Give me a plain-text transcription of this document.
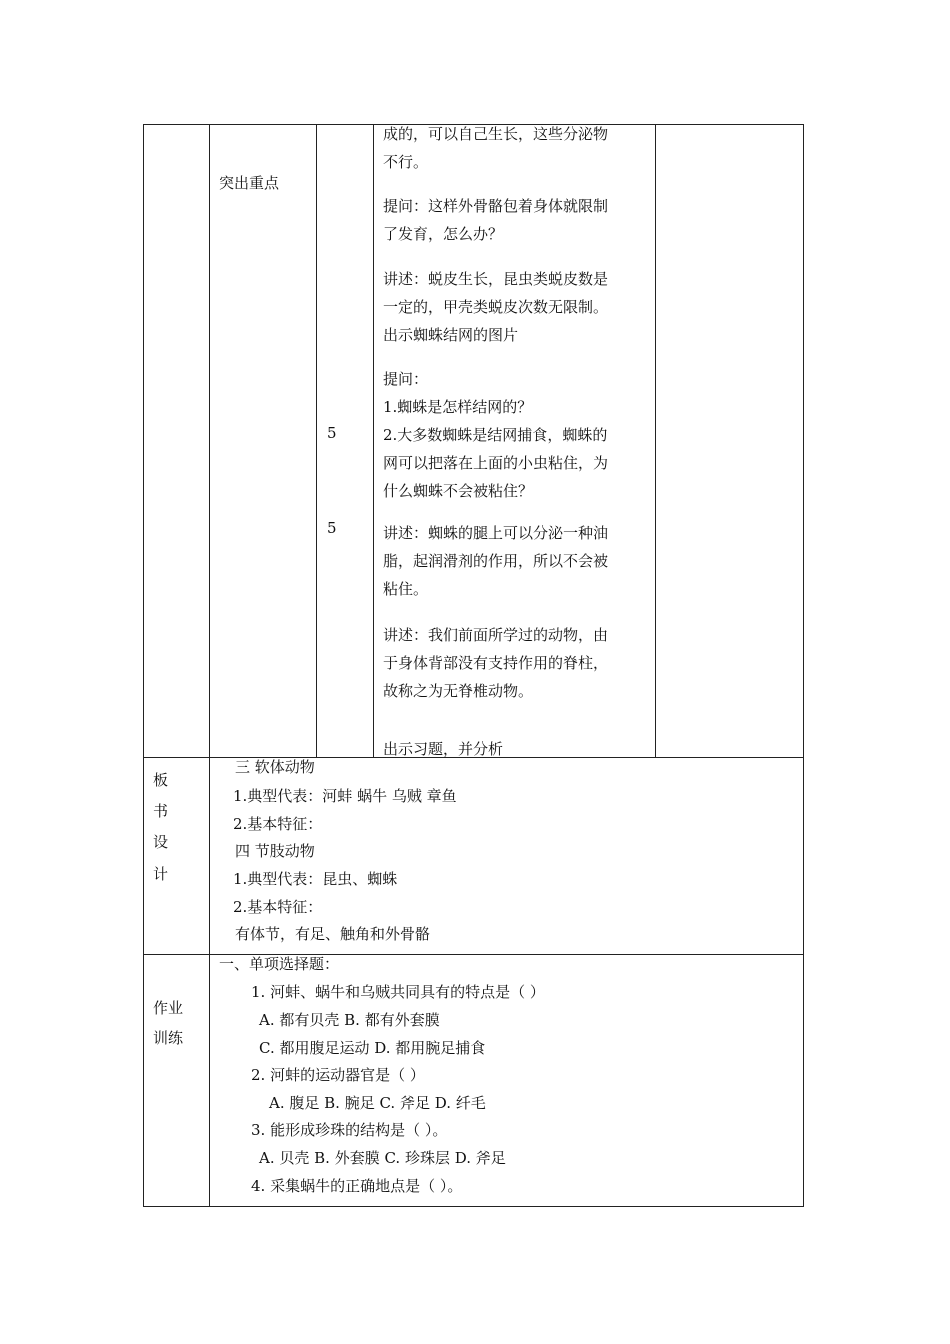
突出重点
5
5
成的，可以自己生长，这些分泌物
不行。
提问：这样外骨骼包着身体就限制
了发育，怎么办？
讲述：蜕皮生长，昆虫类蜕皮数是
一定的，甲壳类蜕皮次数无限制。
出示蜘蛛结网的图片
提问：
1.蜘蛛是怎样结网的？
2.大多数蜘蛛是结网捕食，蜘蛛的
网可以把落在上面的小虫粘住，为
什么蜘蛛不会被粘住？
讲述：蜘蛛的腿上可以分泌一种油
脂，起润滑剂的作用，所以不会被
粘住。
讲述：我们前面所学过的动物，由
于身体背部没有支持作用的脊柱，
故称之为无脊椎动物。
出示习题，并分析
板
书
设
计
三 软体动物
1.典型代表：河蚌 蜗牛 乌贼 章鱼
2.基本特征：
四 节肢动物
1.典型代表：昆虫、蜘蛛
2.基本特征：
有体节，有足、触角和外骨骼
作业
训练
一、单项选择题：
1. 河蚌、蜗牛和乌贼共同具有的特点是（ ）
A. 都有贝壳 B. 都有外套膜
C. 都用腹足运动 D. 都用腕足捕食
2. 河蚌的运动器官是（ ）
A. 腹足 B. 腕足 C. 斧足 D. 纤毛
3. 能形成珍珠的结构是（ ）。
A. 贝壳 B. 外套膜 C. 珍珠层 D. 斧足
4. 采集蜗牛的正确地点是（ ）。
